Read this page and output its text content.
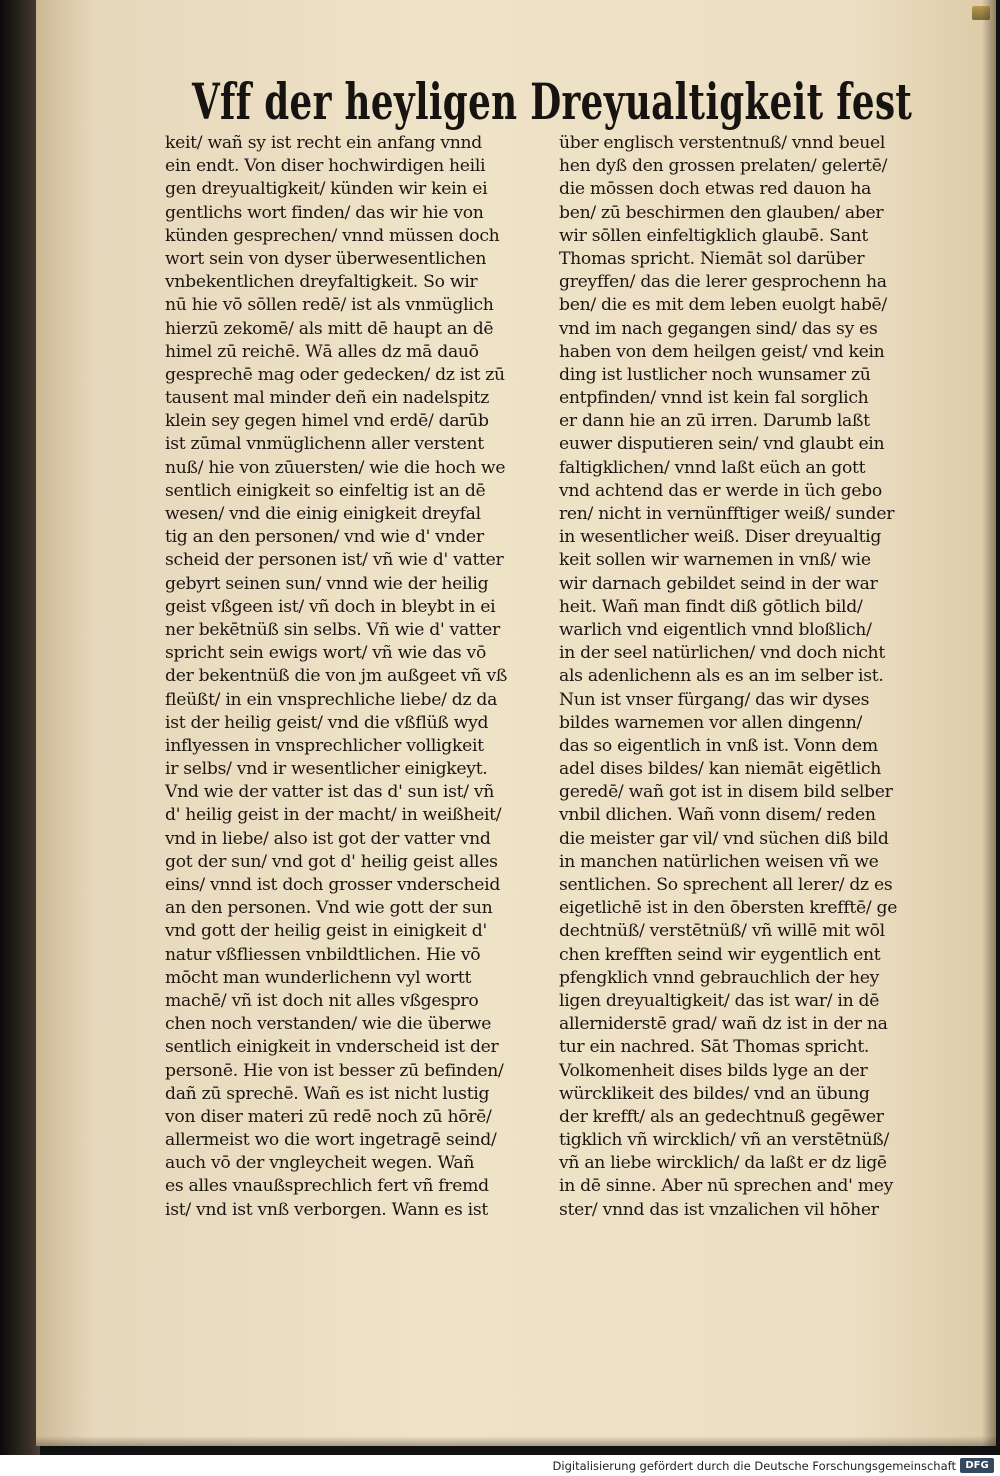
Vff der heyligen Dreyualtigkeit fest
keit/ wañ sy ist recht ein anfang vnnd
ein endt. Von diser hochwirdigen heili
gen dreyualtigkeit/ künden wir kein ei
gentlichs wort finden/ das wir hie von
künden gesprechen/ vnnd müssen doch
wort sein von dyser überwesentlichen
vnbekentlichen dreyfaltigkeit. So wir
nū hie vō sōllen redē/ ist als vnmüglich
hierzū zekomē/ als mitt dē haupt an dē
himel zū reichē. Wā alles dz mā dauō
gesprechē mag oder gedecken/ dz ist zū
tausent mal minder deñ ein nadelspitz
klein sey gegen himel vnd erdē/ darūb
ist zūmal vnmüglichenn aller verstent
nuß/ hie von zūuersten/ wie die hoch we
sentlich einigkeit so einfeltig ist an dē
wesen/ vnd die einig einigkeit dreyfal
tig an den personen/ vnd wie d' vnder
scheid der personen ist/ vñ wie d' vatter
gebyrt seinen sun/ vnnd wie der heilig
geist vßgeen ist/ vñ doch in bleybt in ei
ner bekētnüß sin selbs. Vñ wie d' vatter
spricht sein ewigs wort/ vñ wie das vō
der bekentnüß die von jm außgeet vñ vß
fleüßt/ in ein vnsprechliche liebe/ dz da
ist der heilig geist/ vnd die vßflüß wyd
inflyessen in vnsprechlicher volligkeit
ir selbs/ vnd ir wesentlicher einigkeyt.
Vnd wie der vatter ist das d' sun ist/ vñ
d' heilig geist in der macht/ in weißheit/
vnd in liebe/ also ist got der vatter vnd
got der sun/ vnd got d' heilig geist alles
eins/ vnnd ist doch grosser vnderscheid
an den personen. Vnd wie gott der sun
vnd gott der heilig geist in einigkeit d'
natur vßfliessen vnbildtlichen. Hie vō
mōcht man wunderlichenn vyl wortt
machē/ vñ ist doch nit alles vßgespro
chen noch verstanden/ wie die überwe
sentlich einigkeit in vnderscheid ist der
personē. Hie von ist besser zū befinden/
dañ zū sprechē. Wañ es ist nicht lustig
von diser materi zū redē noch zū hōrē/
allermeist wo die wort ingetragē seind/
auch vō der vngleycheit wegen. Wañ
es alles vnaußsprechlich fert vñ fremd
ist/ vnd ist vnß verborgen. Wann es ist
über englisch verstentnuß/ vnnd beuel
hen dyß den grossen prelaten/ gelertē/
die mōssen doch etwas red dauon ha
ben/ zū beschirmen den glauben/ aber
wir sōllen einfeltigklich glaubē. Sant
Thomas spricht. Niemāt sol darüber
greyffen/ das die lerer gesprochenn ha
ben/ die es mit dem leben euolgt habē/
vnd im nach gegangen sind/ das sy es
haben von dem heilgen geist/ vnd kein
ding ist lustlicher noch wunsamer zū
entpfinden/ vnnd ist kein fal sorglich
er dann hie an zū irren. Darumb laßt
euwer disputieren sein/ vnd glaubt ein
faltigklichen/ vnnd laßt eüch an gott
vnd achtend das er werde in üch gebo
ren/ nicht in vernünfftiger weiß/ sunder
in wesentlicher weiß. Diser dreyualtig
keit sollen wir warnemen in vnß/ wie
wir darnach gebildet seind in der war
heit. Wañ man findt diß gōtlich bild/
warlich vnd eigentlich vnnd bloßlich/
in der seel natürlichen/ vnd doch nicht
als adenlichenn als es an im selber ist.
Nun ist vnser fürgang/ das wir dyses
bildes warnemen vor allen dingenn/
das so eigentlich in vnß ist. Vonn dem
adel dises bildes/ kan niemāt eigētlich
geredē/ wañ got ist in disem bild selber
vnbil dlichen. Wañ vonn disem/ reden
die meister gar vil/ vnd süchen diß bild
in manchen natürlichen weisen vñ we
sentlichen. So sprechent all lerer/ dz es
eigetlichē ist in den ōbersten krefftē/ ge
dechtnüß/ verstētnüß/ vñ willē mit wōl
chen krefften seind wir eygentlich ent
pfengklich vnnd gebrauchlich der hey
ligen dreyualtigkeit/ das ist war/ in dē
allerniderstē grad/ wañ dz ist in der na
tur ein nachred. Sāt Thomas spricht.
Volkomenheit dises bilds lyge an der
würcklikeit des bildes/ vnd an übung
der krefft/ als an gedechtnuß gegēwer
tigklich vñ wircklich/ vñ an verstētnüß/
vñ an liebe wircklich/ da laßt er dz ligē
in dē sinne. Aber nū sprechen and' mey
ster/ vnnd das ist vnzalichen vil hōher
Digitalisierung gefördert durch die Deutsche Forschungsgemeinschaft DFG
